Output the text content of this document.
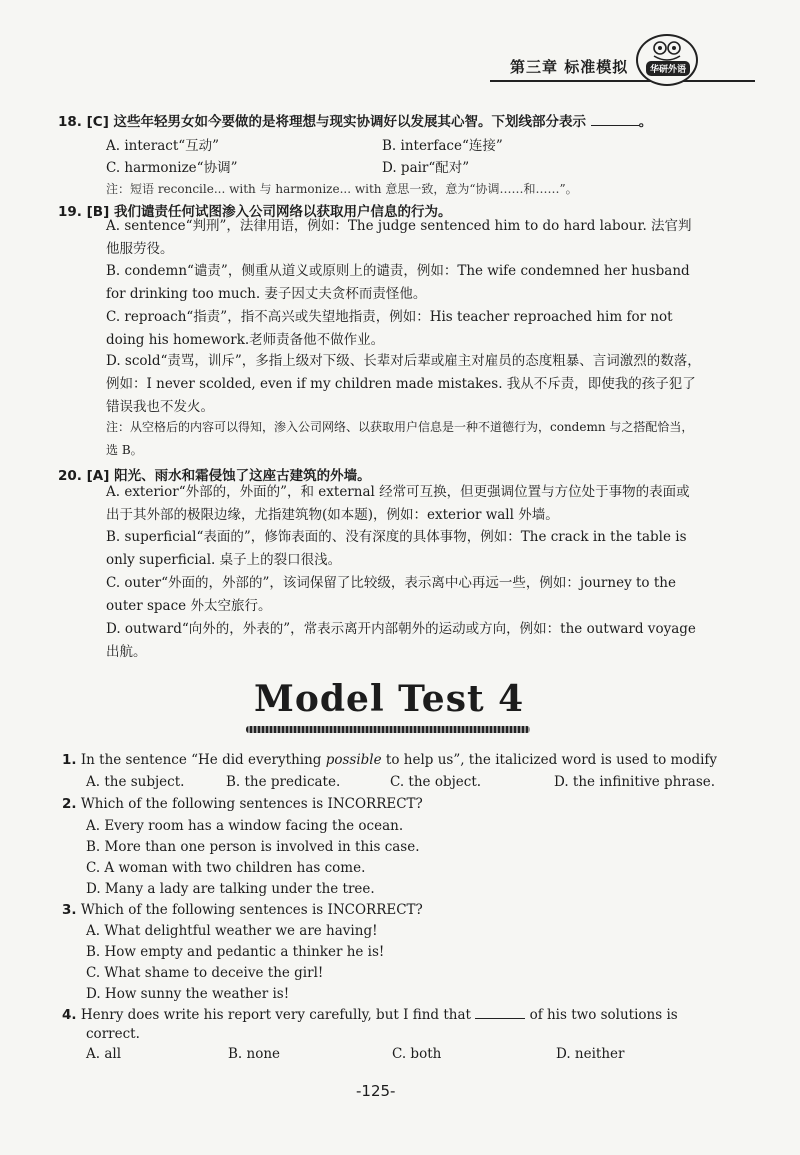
第三章 标准模拟	华研外语
18. [C] 这些年轻男女如今要做的是将理想与现实协调好以发展其心智。下划线部分表示	。
A. interact“互动”	B. interface“连接”
C. harmonize“协调”	D. pair“配对”
注：短语 reconcile... with 与 harmonize... with 意思一致，意为“协调……和……”。
19. [B] 我们谴责任何试图渗入公司网络以获取用户信息的行为。
A. sentence“判刑”，法律用语，例如：The judge sentenced him to do hard labour. 法官判他服劳役。
B. condemn“谴责”，侧重从道义或原则上的谴责，例如：The wife condemned her husband for drinking too much. 妻子因丈夫贪杯而责怪他。
C. reproach“指责”，指不高兴或失望地指责，例如：His teacher reproached him for not doing his homework.老师责备他不做作业。
D. scold“责骂，训斥”，多指上级对下级、长辈对后辈或雇主对雇员的态度粗暴、言词激烈的数落，例如：I never scolded, even if my children made mistakes. 我从不斥责，即使我的孩子犯了错误我也不发火。
注：从空格后的内容可以得知，渗入公司网络、以获取用户信息是一种不道德行为，condemn 与之搭配恰当，选 B。
20. [A] 阳光、雨水和霜侵蚀了这座古建筑的外墙。
A. exterior“外部的，外面的”，和 external 经常可互换，但更强调位置与方位处于事物的表面或出于其外部的极限边缘，尤指建筑物(如本题)，例如：exterior wall 外墙。
B. superficial“表面的”，修饰表面的、没有深度的具体事物，例如：The crack in the table is only superficial. 桌子上的裂口很浅。
C. outer“外面的，外部的”，该词保留了比较级，表示离中心再远一些，例如：journey to the outer space 外太空旅行。
D. outward“向外的，外表的”，常表示离开内部朝外的运动或方向，例如：the outward voyage 出航。
Model Test 4
1. In the sentence “He did everything possible to help us”, the italicized word is used to modify
A. the subject.	B. the predicate.	C. the object.	D. the infinitive phrase.
2. Which of the following sentences is INCORRECT?
A. Every room has a window facing the ocean.
B. More than one person is involved in this case.
C. A woman with two children has come.
D. Many a lady are talking under the tree.
3. Which of the following sentences is INCORRECT?
A. What delightful weather we are having!
B. How empty and pedantic a thinker he is!
C. What shame to deceive the girl!
D. How sunny the weather is!
4. Henry does write his report very carefully, but I find that	of his two solutions is
correct.
A. all	B. none	C. both	D. neither
-125-
